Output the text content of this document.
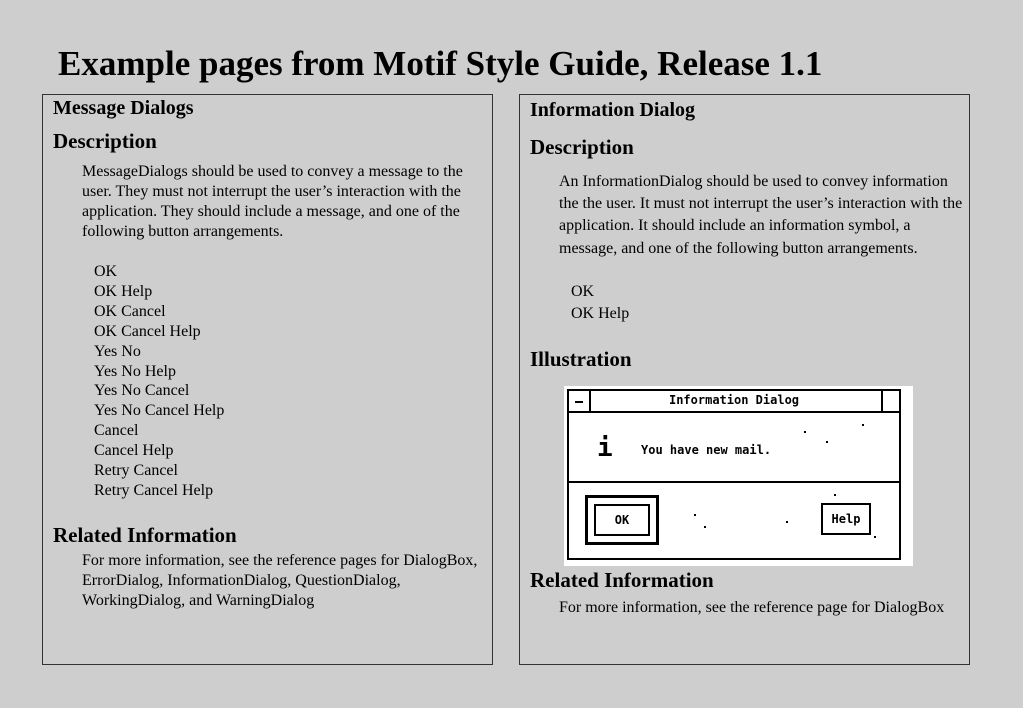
Example pages from Motif Style Guide, Release 1.1
Message Dialogs
Description
MessageDialogs should be used to convey a message to the user. They must not interrupt the user’s interaction with the application. They should include a message, and one of the following button arrangements.
OK
OK Help
OK Cancel
OK Cancel Help
Yes No
Yes No Help
Yes No Cancel
Yes No Cancel Help
Cancel
Cancel Help
Retry Cancel
Retry Cancel Help
Related Information
For more information, see the reference pages for DialogBox, ErrorDialog, InformationDialog, QuestionDialog, WorkingDialog, and WarningDialog
Information Dialog
Description
An InformationDialog should be used to convey information the the user. It must not interrupt the user’s interaction with the application. It should include an information symbol, a message, and one of the following button arrangements.
OK
OK Help
Illustration
Information Dialog
i You have new mail.
OK	Help
Related Information
For more information, see the reference page for DialogBox
